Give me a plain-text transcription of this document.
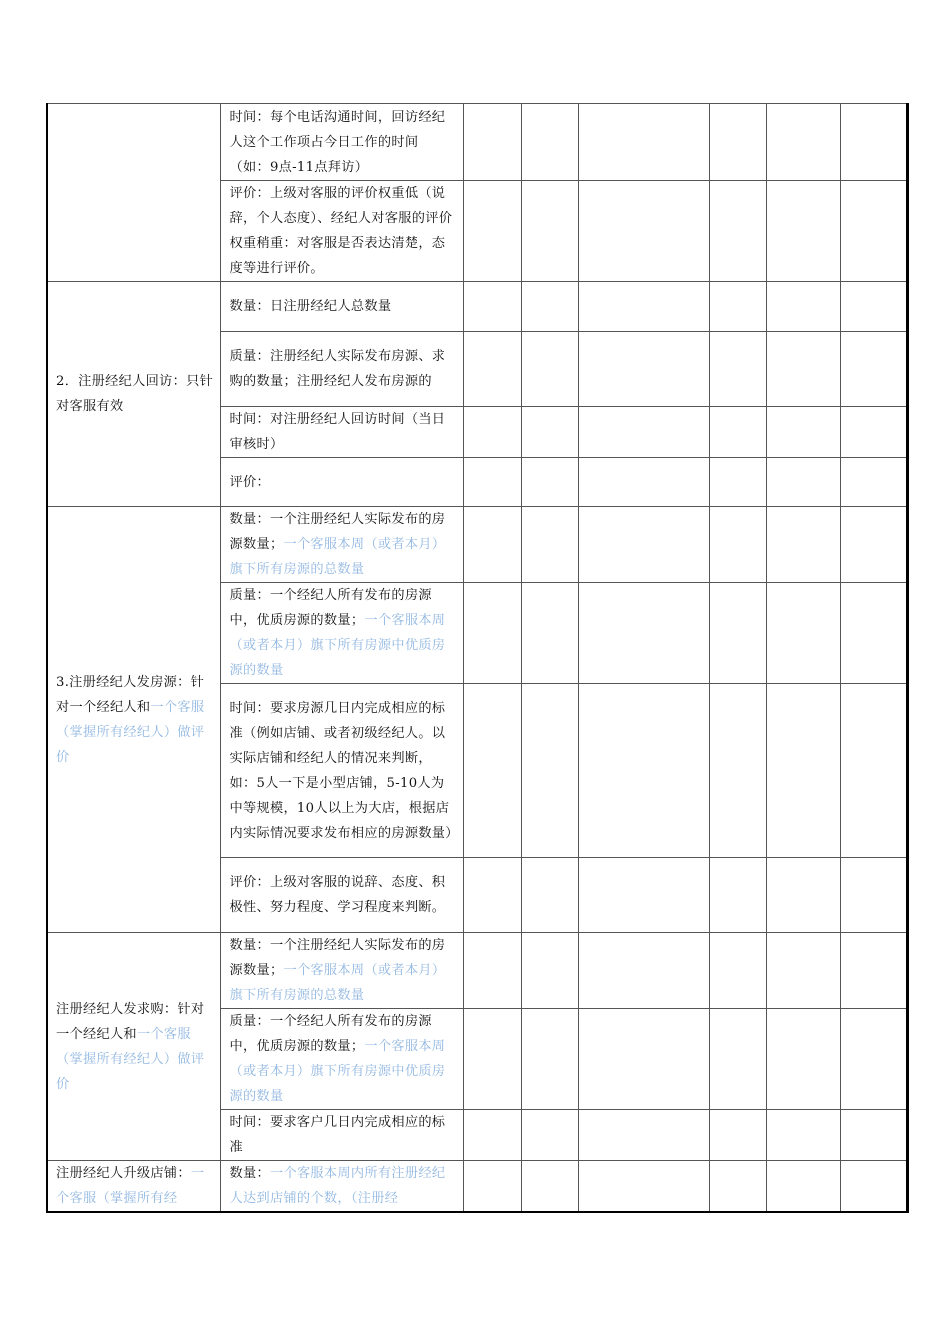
	时间：每个电话沟通时间，回访经纪人这个工作项占今日工作的时间（如：9点-11点拜访）						
	评价：上级对客服的评价权重低（说辞，个人态度）、经纪人对客服的评价权重稍重：对客服是否表达清楚，态度等进行评价。						
2．注册经纪人回访：只针对客服有效	数量：日注册经纪人总数量						
	质量：注册经纪人实际发布房源、求购的数量；注册经纪人发布房源的						
	时间：对注册经纪人回访时间（当日审核时）						
	评价：						
3.注册经纪人发房源：针对一个经纪人和一个客服（掌握所有经纪人）做评价	数量：一个注册经纪人实际发布的房源数量；一个客服本周（或者本月）旗下所有房源的总数量						
	质量：一个经纪人所有发布的房源中，优质房源的数量；一个客服本周（或者本月）旗下所有房源中优质房源的数量						
	时间：要求房源几日内完成相应的标准（例如店铺、或者初级经纪人。以实际店铺和经纪人的情况来判断，如：5人一下是小型店铺，5-10人为中等规模，10人以上为大店，根据店内实际情况要求发布相应的房源数量）						
	评价：上级对客服的说辞、态度、积极性、努力程度、学习程度来判断。						
注册经纪人发求购：针对一个经纪人和一个客服（掌握所有经纪人）做评价	数量：一个注册经纪人实际发布的房源数量；一个客服本周（或者本月）旗下所有房源的总数量						
	质量：一个经纪人所有发布的房源中，优质房源的数量；一个客服本周（或者本月）旗下所有房源中优质房源的数量						
	时间：要求客户几日内完成相应的标准						

注册经纪人升级店铺：一个客服（掌握所有经	数量：一个客服本周内所有注册经纪人达到店铺的个数，（注册经						
